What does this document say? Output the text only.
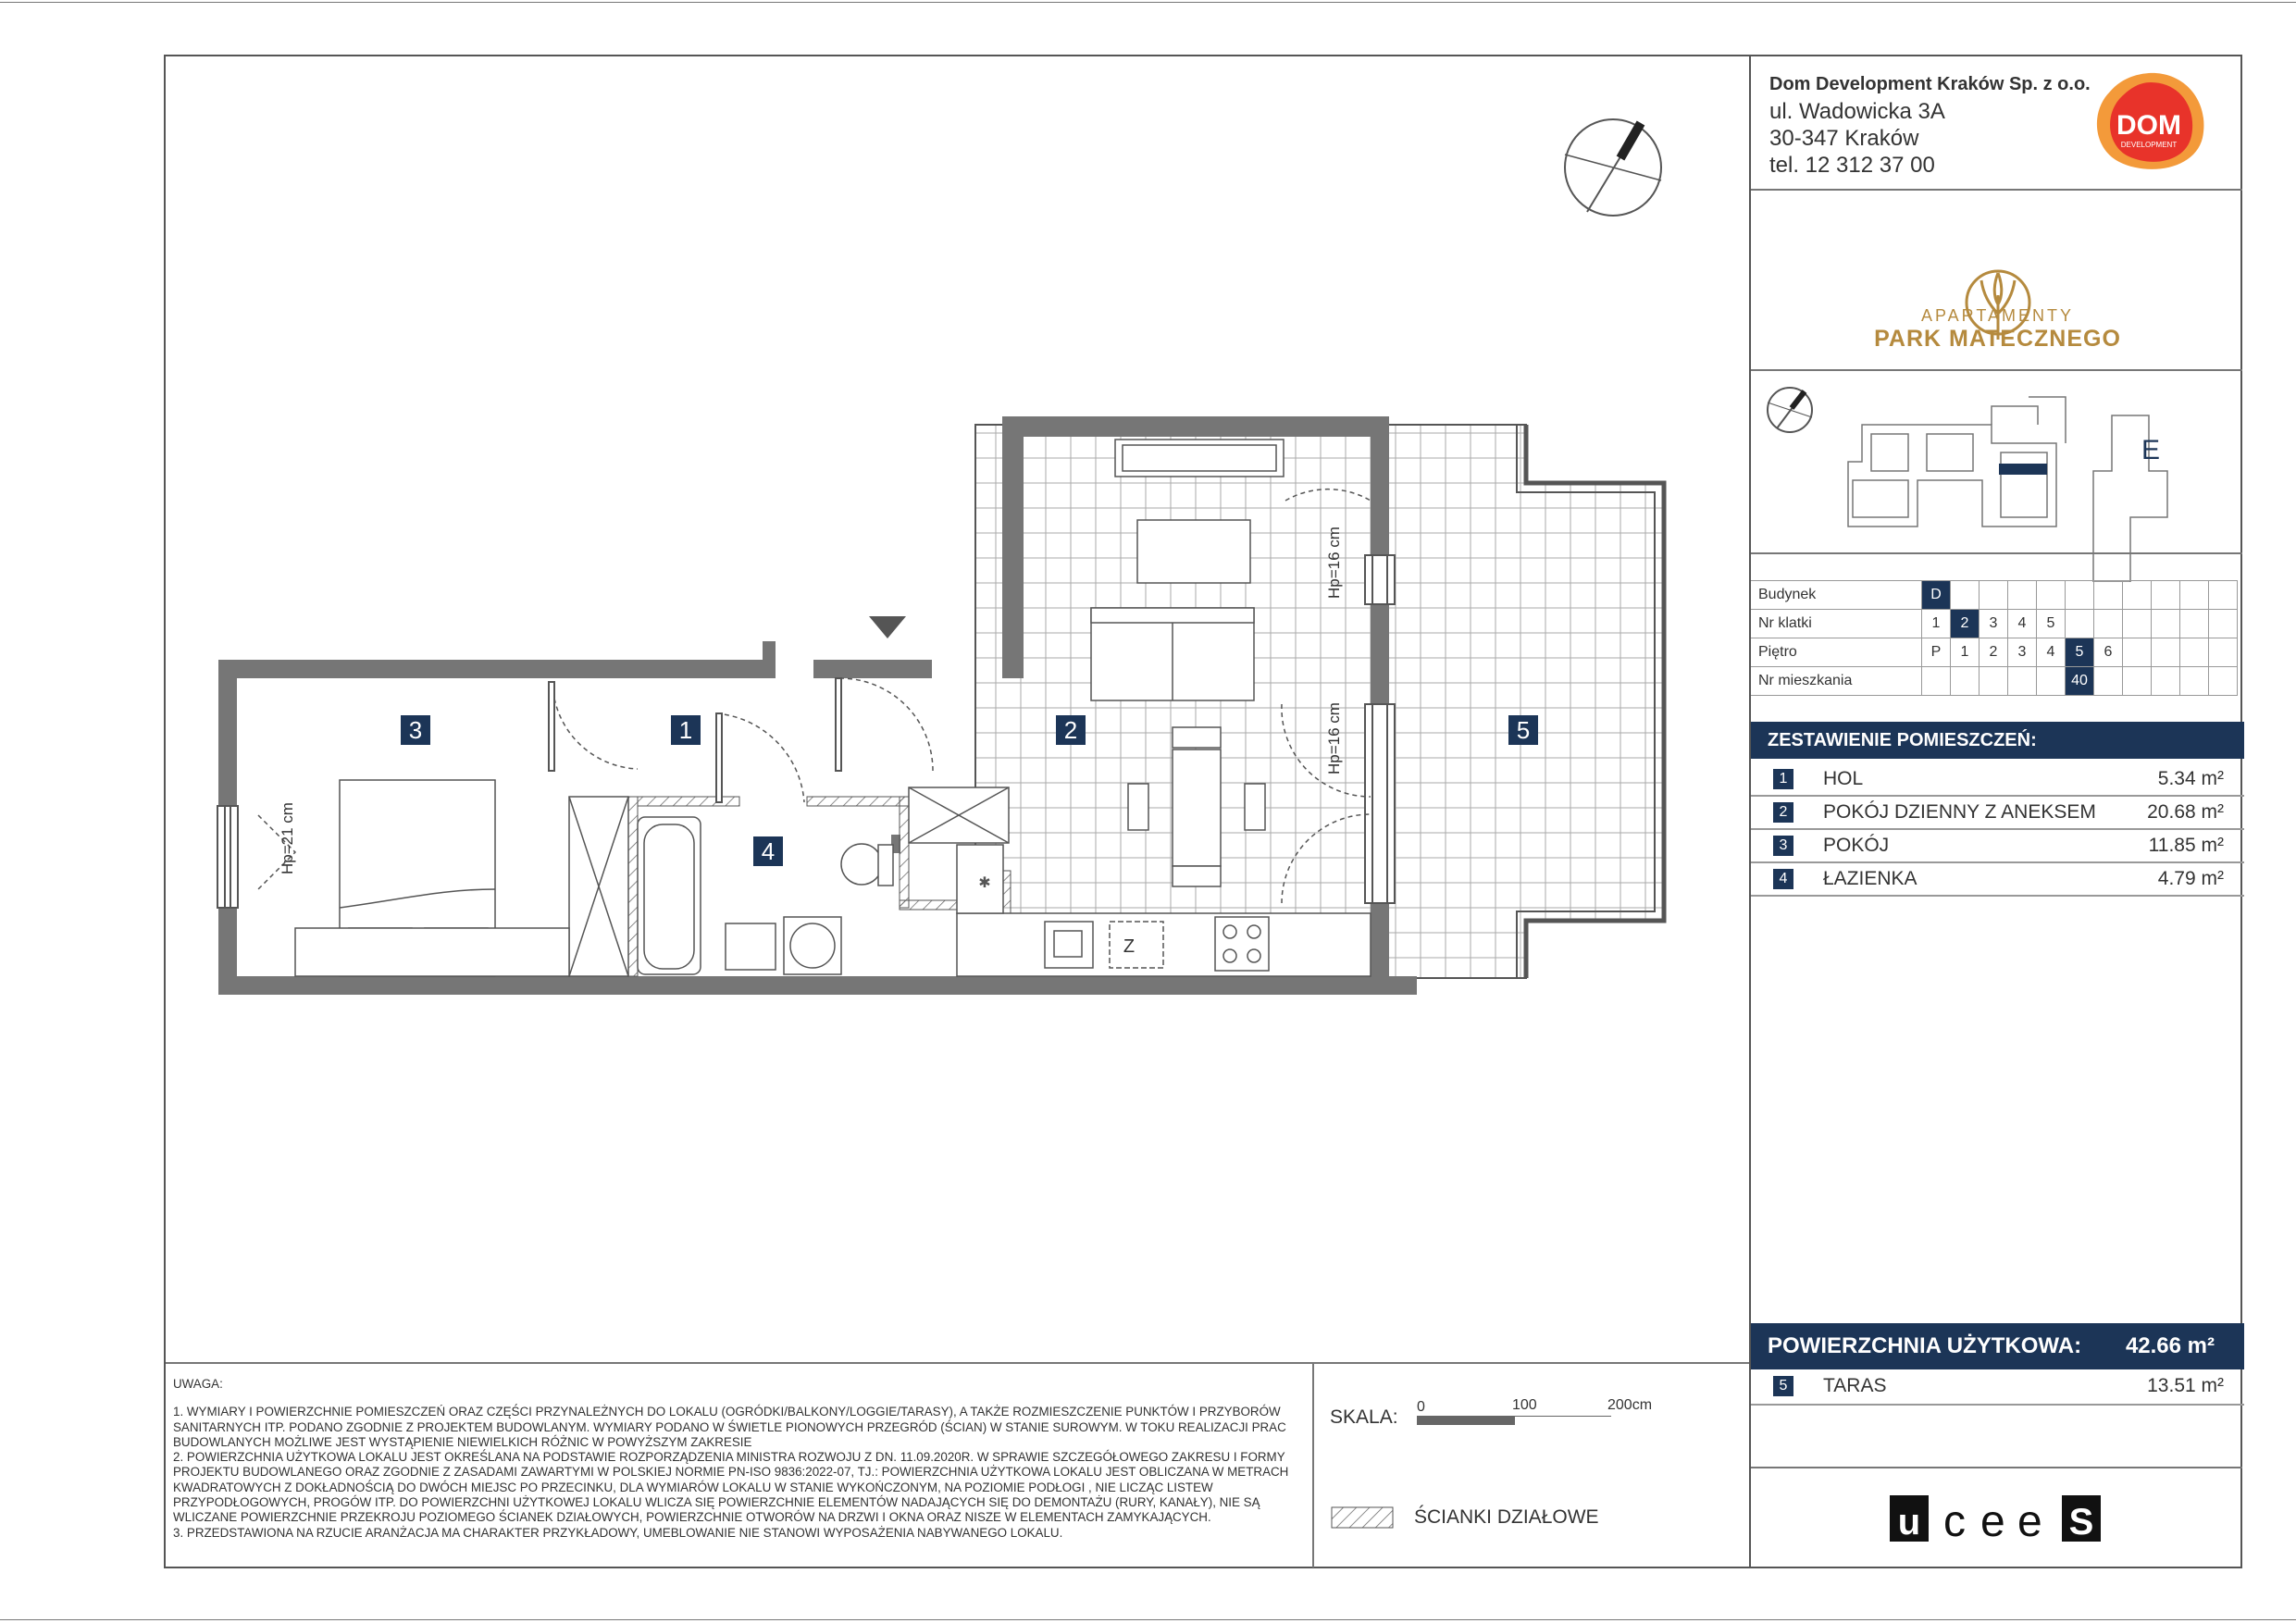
3	1	2
4
5
Hp=16 cm
Hp=16 cm
Hp=21 cm
Z
✱
Dom Development Kraków Sp. z o.o.
ul. Wadowicka 3A
30-347 Kraków
tel. 12 312 37 00
DOM
DEVELOPMENT
APARTAMENTY
PARK MATECZNEGO
E
Budynek	D										
Nr klatki	1	2	3	4	5						
Piętro	P	1	2	3	4	5	6				
Nr mieszkania						40					
ZESTAWIENIE POMIESZCZEŃ:
1	HOL	5.34 m²
2	POKÓJ DZIENNY Z ANEKSEM	20.68 m²
3	POKÓJ	11.85 m²
4	ŁAZIENKA	4.79 m²
POWIERZCHNIA UŻYTKOWA: 42.66 m²
5	TARAS	13.51 m²
UWAGA:
1. WYMIARY I POWIERZCHNIE POMIESZCZEŃ ORAZ CZĘŚCI PRZYNALEŻNYCH DO LOKALU (OGRÓDKI/BALKONY/LOGGIE/TARASY), A TAKŻE ROZMIESZCZENIE PUNKTÓW I PRZYBORÓW SANITARNYCH ITP. PODANO ZGODNIE Z PROJEKTEM BUDOWLANYM. WYMIARY PODANO W ŚWIETLE PIONOWYCH PRZEGRÓD (ŚCIAN) W STANIE SUROWYM. W TOKU REALIZACJI PRAC BUDOWLANYCH MOŻLIWE JEST WYSTĄPIENIE NIEWIELKICH RÓŻNIC W POWYŻSZYM ZAKRESIE
2. POWIERZCHNIA UŻYTKOWA LOKALU JEST OKREŚLANA NA PODSTAWIE ROZPORZĄDZENIA MINISTRA ROZWOJU Z DN. 11.09.2020R. W SPRAWIE SZCZEGÓŁOWEGO ZAKRESU I FORMY PROJEKTU BUDOWLANEGO ORAZ ZGODNIE Z ZASADAMI ZAWARTYMI W POLSKIEJ NORMIE PN-ISO 9836:2022-07, TJ.: POWIERZCHNIA UŻYTKOWA LOKALU JEST OBLICZANA W METRACH KWADRATOWYCH Z DOKŁADNOŚCIĄ DO DWÓCH MIEJSC PO PRZECINKU, DLA WYMIARÓW LOKALU W STANIE WYKOŃCZONYM, NA POZIOMIE PODŁOGI , NIE LICZĄC LISTEW PRZYPODŁOGOWYCH, PROGÓW ITP. DO POWIERZCHNI UŻYTKOWEJ LOKALU WLICZA SIĘ POWIERZCHNIE ELEMENTÓW NADAJĄCYCH SIĘ DO DEMONTAŻU (RURY, KANAŁY), NIE SĄ WLICZANE POWIERZCHNIE PRZEKROJU POZIOMEGO ŚCIANEK DZIAŁOWYCH, POWIERZCHNIE OTWORÓW NA DRZWI I OKNA ORAZ NISZE W ELEMENTACH ZAMYKAJĄCYCH.
3. PRZEDSTAWIONA NA RZUCIE ARANŻACJA MA CHARAKTER PRZYKŁADOWY, UMEBLOWANIE NIE STANOWI WYPOSAŻENIA NABYWANEGO LOKALU.
SKALA: 0	100	200cm
ŚCIANKI DZIAŁOWE	u c e e S
